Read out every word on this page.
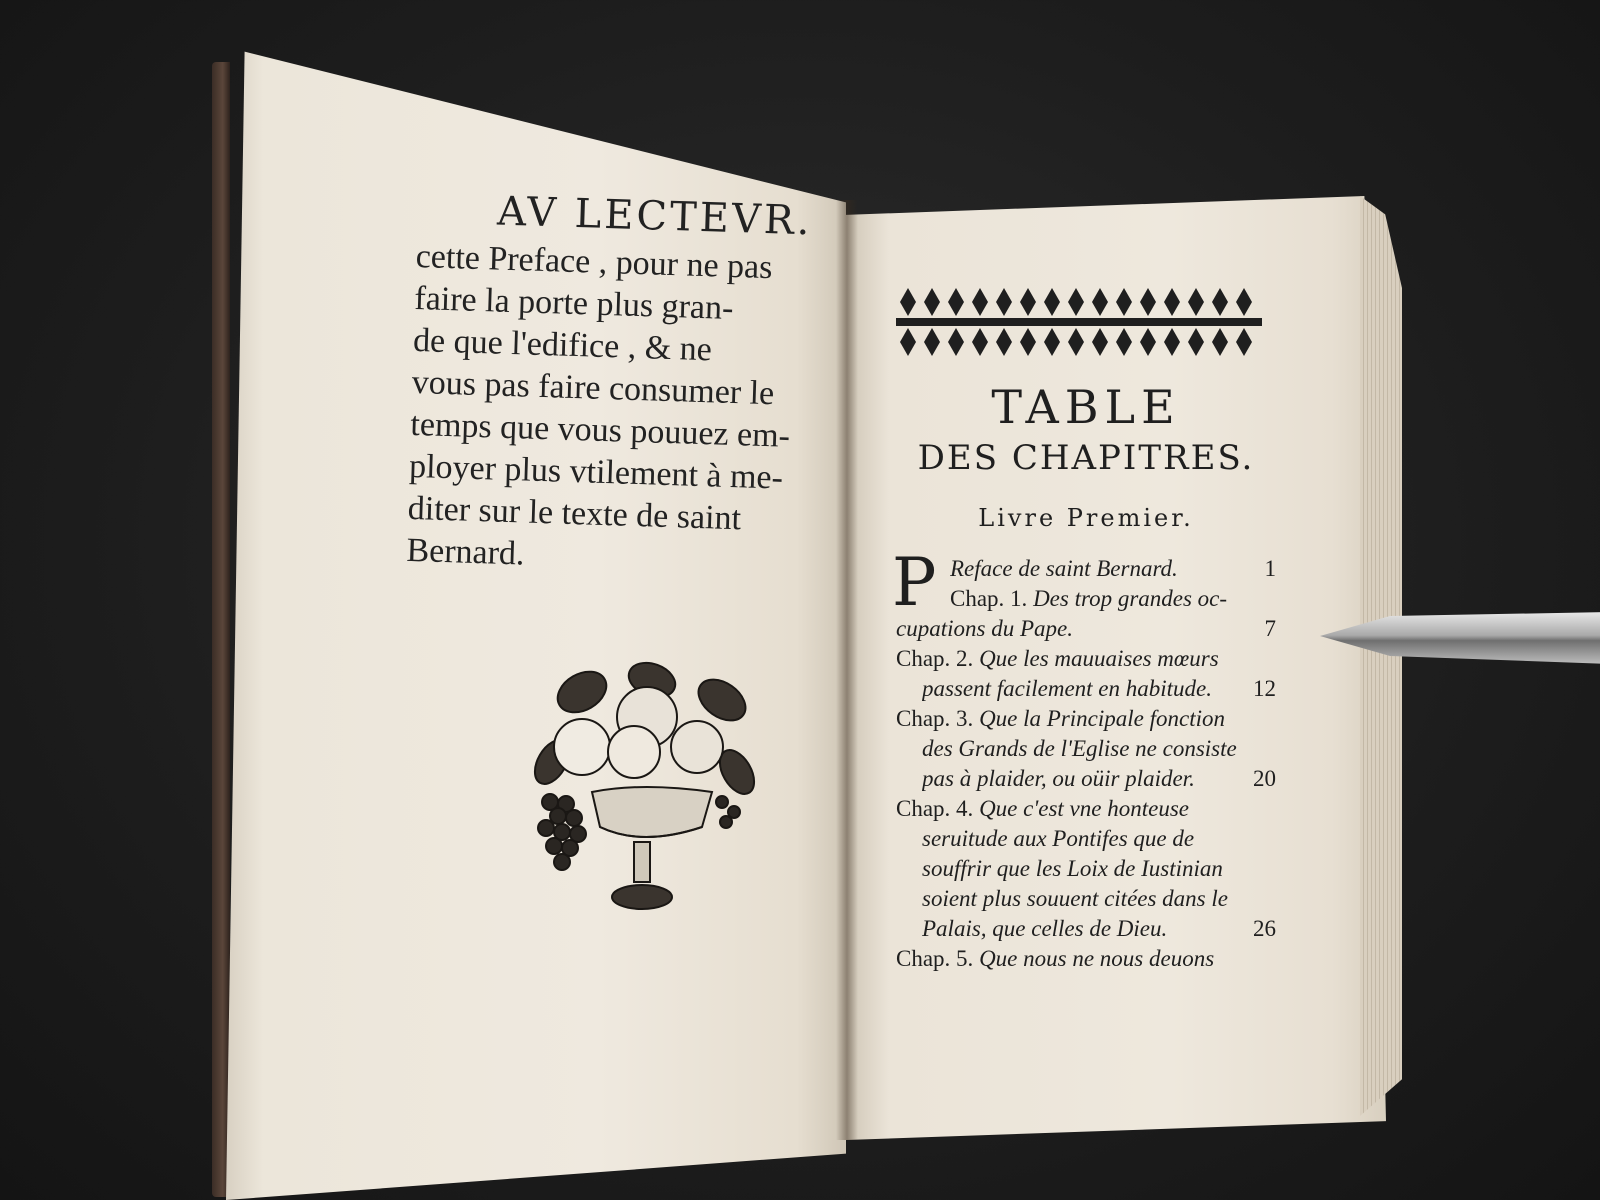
AV LECTEVR.
cette Preface , pour ne pas
faire la porte plus gran-
de que l'edifice , & ne
vous pas faire consumer le
temps que vous pouuez em-
ployer plus vtilement à me-
diter sur le texte de saint
Bernard.
TABLE
DES CHAPITRES.
Livre Premier.
P Reface de saint Bernard.	1
Chap. 1. Des trop grandes oc-
cupations du Pape.	7
Chap. 2. Que les mauuaises mœurs
passent facilement en habitude.	12
Chap. 3. Que la Principale fonction
des Grands de l'Eglise ne consiste
pas à plaider, ou oüir plaider.	20
Chap. 4. Que c'est vne honteuse
seruitude aux Pontifes que de
souffrir que les Loix de Iustinian
soient plus souuent citées dans le
Palais, que celles de Dieu.	26
Chap. 5. Que nous ne nous deuons
